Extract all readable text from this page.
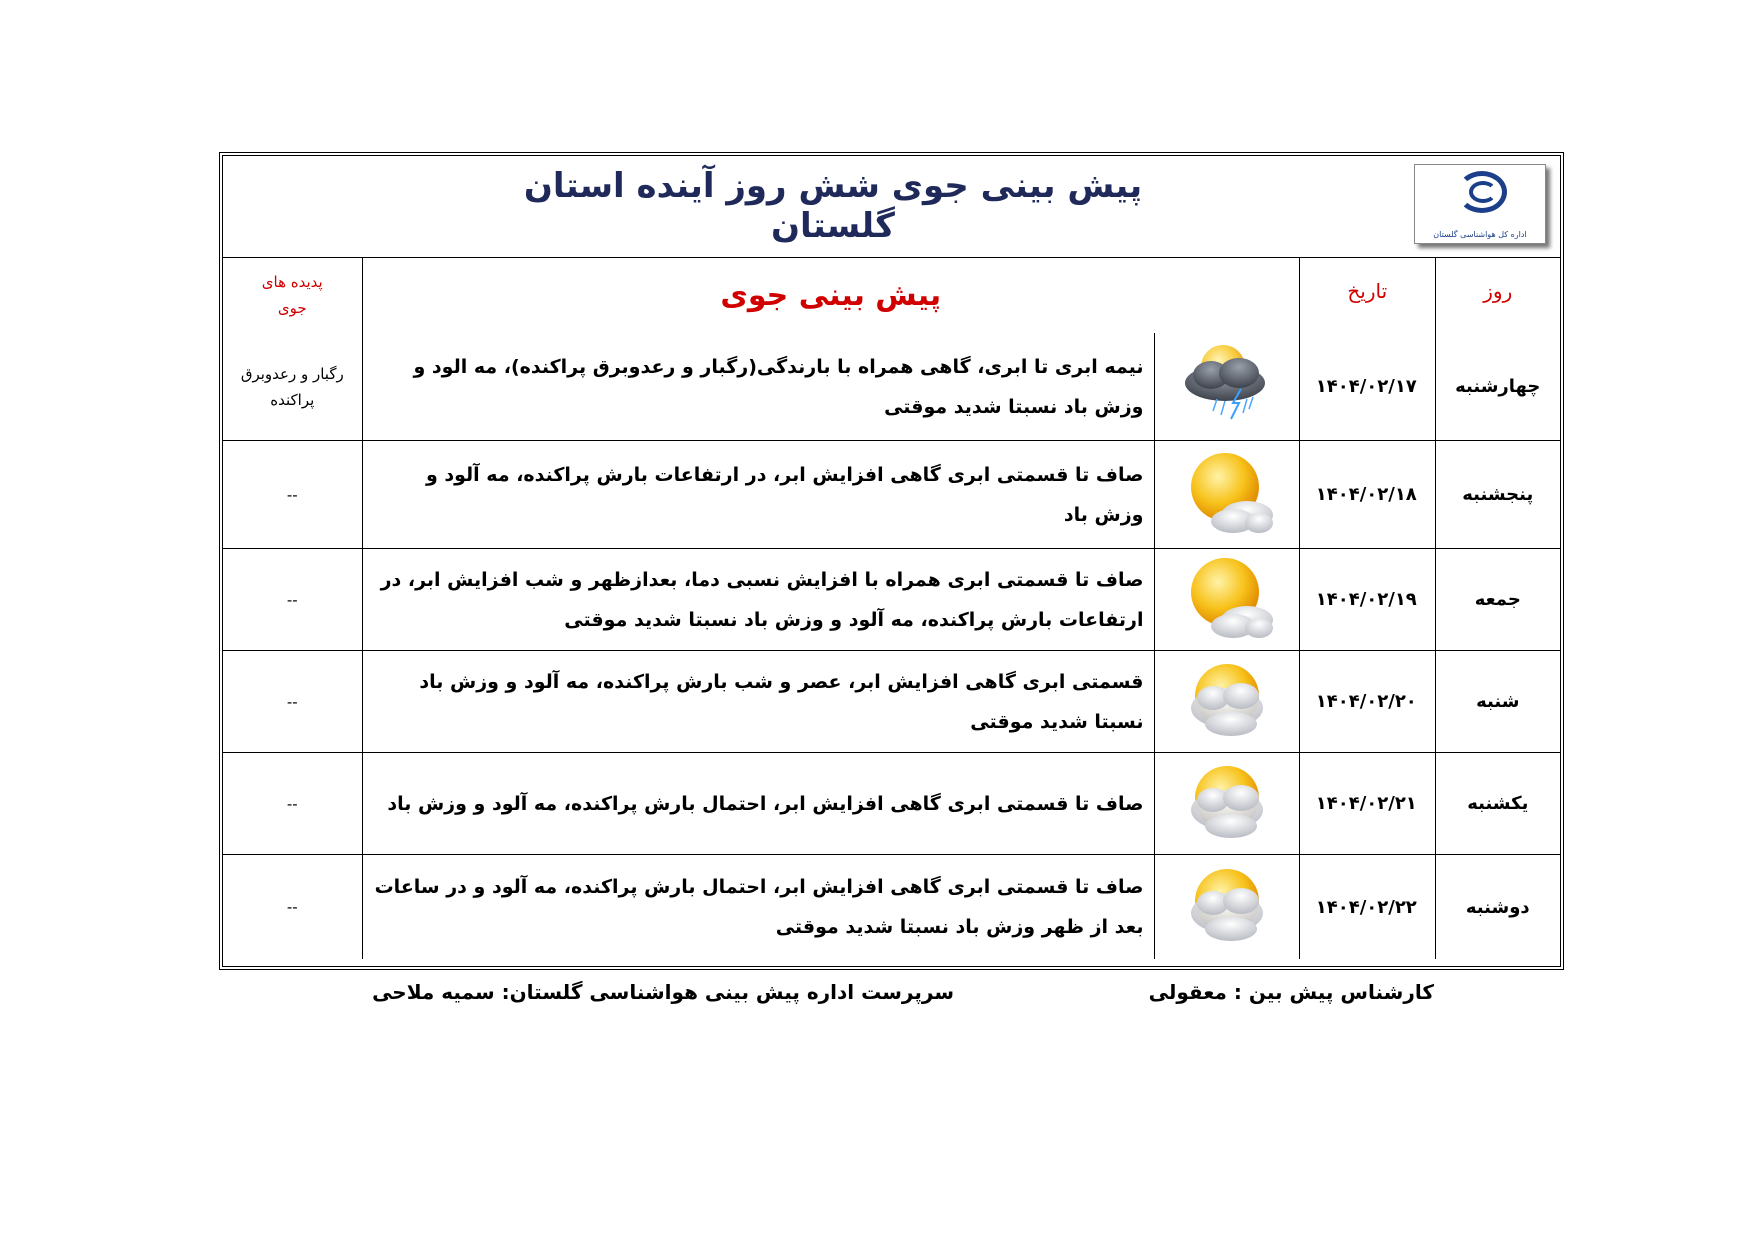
پیش بینی جوی شش روز آینده استان گلستان	اداره کل هواشناسی گلستان
روز	تاریخ	پیش بینی جوی		پدیده های جوی
چهارشنبه	۱۴۰۴/۰۲/۱۷		نیمه ابری تا ابری، گاهی همراه با بارندگی(رگبار و رعدوبرق پراکنده)، مه الود و وزش باد نسبتا شدید موقتی	رگبار و رعدوبرق پراکنده
پنجشنبه	۱۴۰۴/۰۲/۱۸		صاف تا قسمتی ابری گاهی افزایش ابر، در ارتفاعات بارش پراکنده، مه آلود و وزش باد	--
جمعه	۱۴۰۴/۰۲/۱۹		صاف تا قسمتی ابری همراه با افزایش نسبی دما، بعدازظهر و شب افزایش ابر، در ارتفاعات بارش پراکنده، مه آلود و وزش باد نسبتا شدید موقتی	--
شنبه	۱۴۰۴/۰۲/۲۰		قسمتی ابری گاهی افزایش ابر، عصر و شب بارش پراکنده، مه آلود و وزش باد نسبتا شدید موقتی	--
یکشنبه	۱۴۰۴/۰۲/۲۱		صاف تا قسمتی ابری گاهی افزایش ابر، احتمال بارش پراکنده، مه آلود و وزش باد	--
دوشنبه	۱۴۰۴/۰۲/۲۲		صاف تا قسمتی ابری گاهی افزایش ابر، احتمال بارش پراکنده، مه آلود و در ساعات بعد از ظهر وزش باد نسبتا شدید موقتی	--
کارشناس پیش بین : معقولی
سرپرست اداره پیش بینی هواشناسی گلستان: سمیه ملاحی
